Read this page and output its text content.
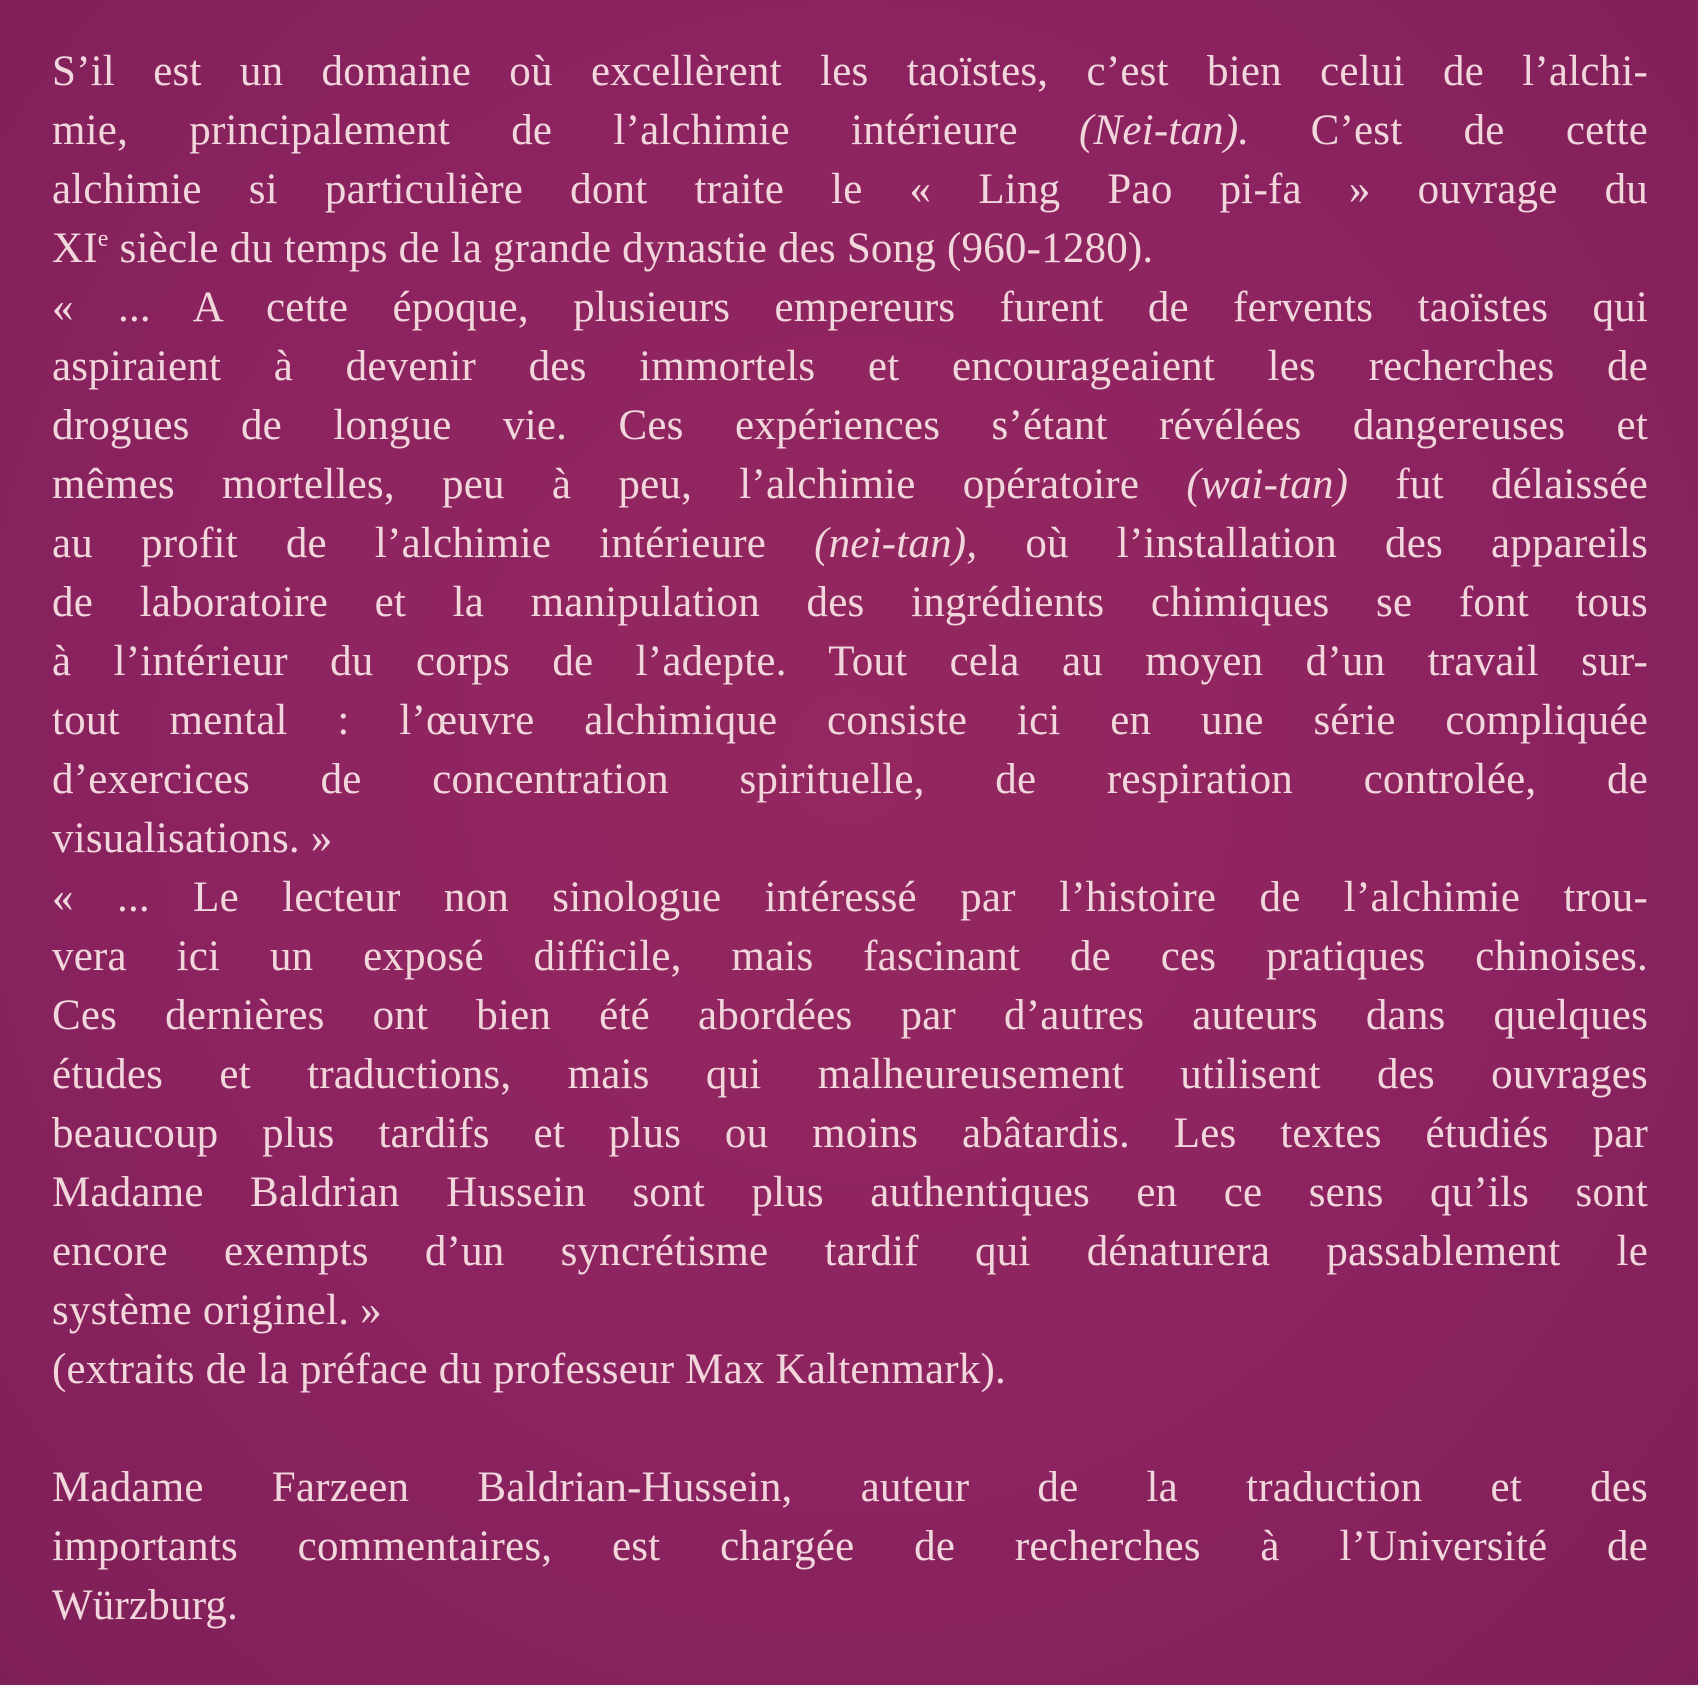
S’il est un domaine où excellèrent les taoïstes, c’est bien celui de l’alchi-
mie, principalement de l’alchimie intérieure (Nei-tan). C’est de cette
alchimie si particulière dont traite le « Ling Pao pi-fa » ouvrage du
XIe siècle du temps de la grande dynastie des Song (960-1280).
« ... A cette époque, plusieurs empereurs furent de fervents taoïstes qui
aspiraient à devenir des immortels et encourageaient les recherches de
drogues de longue vie. Ces expériences s’étant révélées dangereuses et
mêmes mortelles, peu à peu, l’alchimie opératoire (wai-tan) fut délaissée
au profit de l’alchimie intérieure (nei-tan), où l’installation des appareils
de laboratoire et la manipulation des ingrédients chimiques se font tous
à l’intérieur du corps de l’adepte. Tout cela au moyen d’un travail sur-
tout mental : l’œuvre alchimique consiste ici en une série compliquée
d’exercices de concentration spirituelle, de respiration controlée, de
visualisations. »
« ... Le lecteur non sinologue intéressé par l’histoire de l’alchimie trou-
vera ici un exposé difficile, mais fascinant de ces pratiques chinoises.
Ces dernières ont bien été abordées par d’autres auteurs dans quelques
études et traductions, mais qui malheureusement utilisent des ouvrages
beaucoup plus tardifs et plus ou moins abâtardis. Les textes étudiés par
Madame Baldrian Hussein sont plus authentiques en ce sens qu’ils sont
encore exempts d’un syncrétisme tardif qui dénaturera passablement le
système originel. »
(extraits de la préface du professeur Max Kaltenmark).
Madame Farzeen Baldrian-Hussein, auteur de la traduction et des
importants commentaires, est chargée de recherches à l’Université de
Würzburg.
